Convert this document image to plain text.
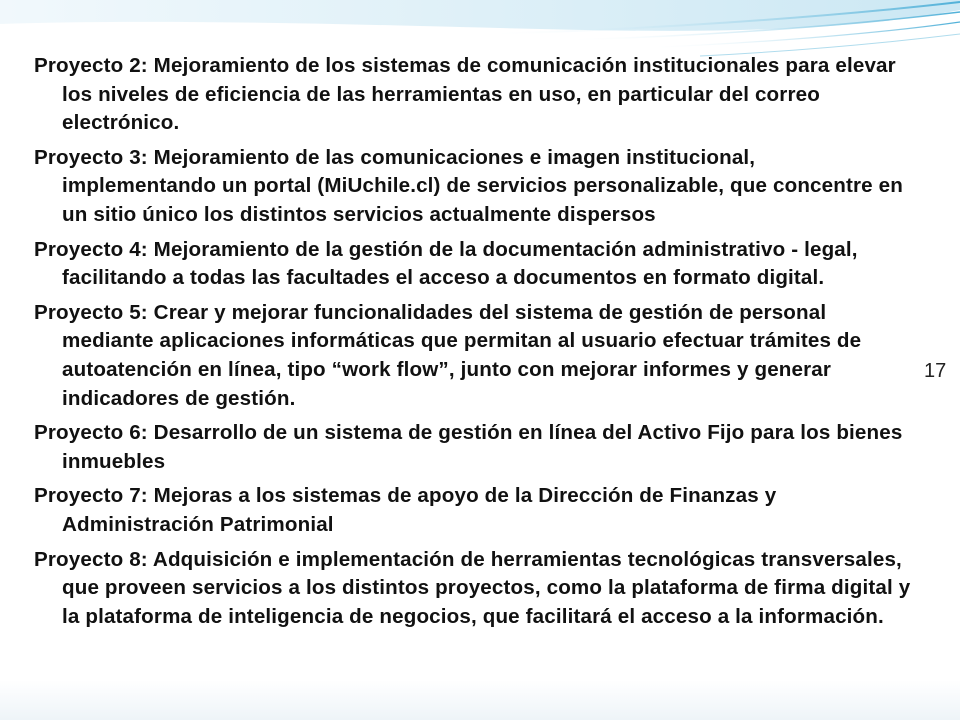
Proyecto 2: Mejoramiento de los sistemas de comunicación institucionales para elevar los niveles de eficiencia de las herramientas en uso, en particular del correo electrónico.

Proyecto 3: Mejoramiento de las comunicaciones e imagen institucional, implementando un portal (MiUchile.cl) de servicios personalizable, que concentre en un sitio único los distintos servicios actualmente dispersos

Proyecto 4: Mejoramiento de la gestión de la documentación administrativo - legal, facilitando a todas las facultades el acceso a documentos en formato digital.

Proyecto 5: Crear y mejorar funcionalidades del sistema de gestión de personal mediante aplicaciones informáticas que permitan al usuario efectuar trámites de autoatención en línea, tipo “work flow”, junto con mejorar informes y generar indicadores de gestión.

Proyecto 6: Desarrollo de un sistema de gestión en línea del Activo Fijo para los bienes inmuebles

Proyecto 7: Mejoras a los sistemas de apoyo de la Dirección de Finanzas y Administración Patrimonial

Proyecto 8: Adquisición e implementación de herramientas tecnológicas transversales, que proveen servicios a los distintos proyectos, como la plataforma de firma digital y la plataforma de inteligencia de negocios, que facilitará el acceso a la información.

17
